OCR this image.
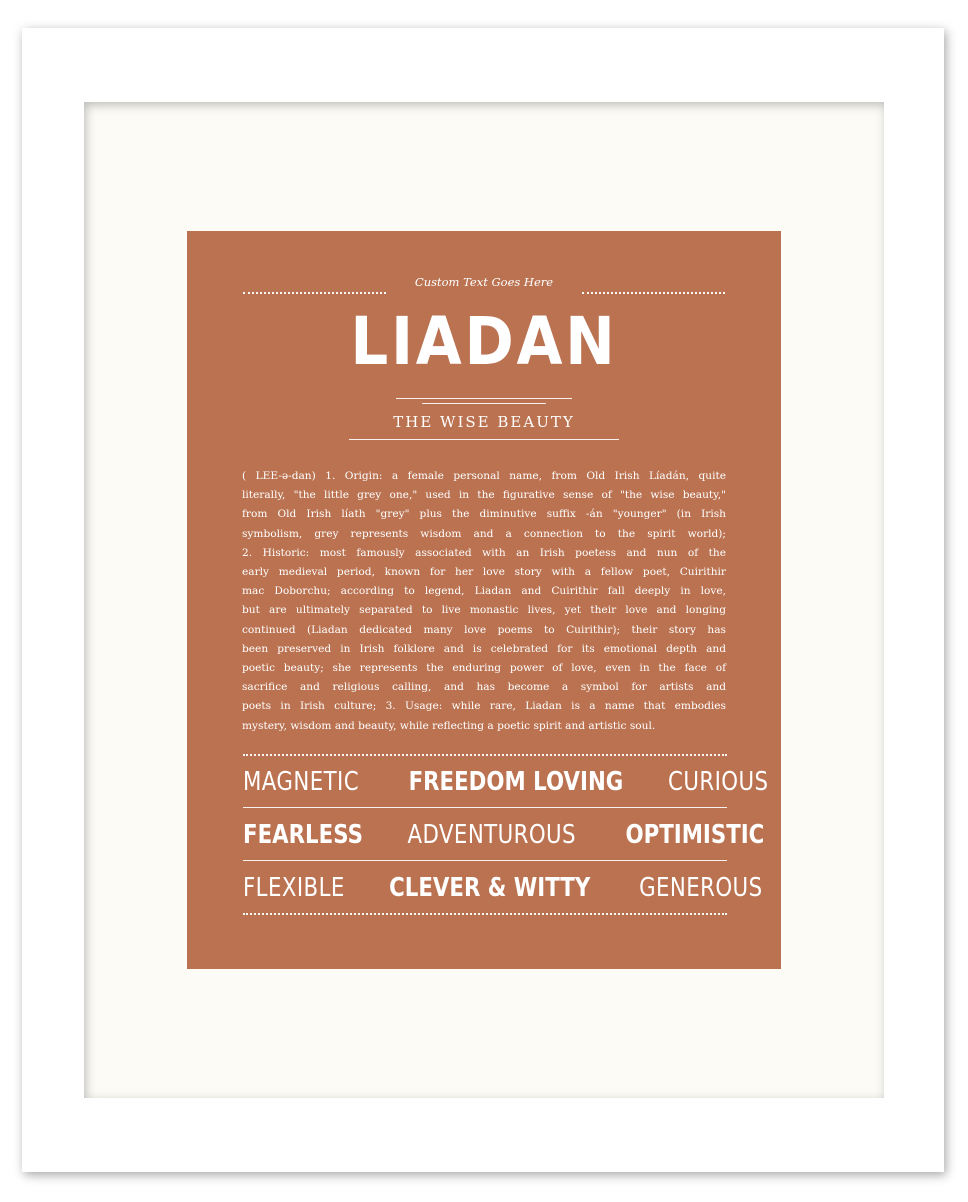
Custom Text Goes Here
LIADAN
THE WISE BEAUTY

( LEE-ə-dan) 1. Origin: a female personal name, from Old Irish Líadán, quite

literally, "the little grey one," used in the figurative sense of "the wise beauty,"

from Old Irish líath "grey" plus the diminutive suffix -án "younger" (in Irish

symbolism, grey represents wisdom and a connection to the spirit world);

2. Historic: most famously associated with an Irish poetess and nun of the

early medieval period, known for her love story with a fellow poet, Cuirithir

mac Doborchu; according to legend, Liadan and Cuirithir fall deeply in love,

but are ultimately separated to live monastic lives, yet their love and longing

continued (Liadan dedicated many love poems to Cuirithir); their story has

been preserved in Irish folklore and is celebrated for its emotional depth and

poetic beauty; she represents the enduring power of love, even in the face of

sacrifice and religious calling, and has become a symbol for artists and

poets in Irish culture; 3. Usage: while rare, Liadan is a name that embodies

mystery, wisdom and beauty, while reflecting a poetic spirit and artistic soul.

MAGNETIC FREEDOM LOVING CURIOUS
FEARLESS ADVENTUROUS OPTIMISTIC
FLEXIBLE CLEVER & WITTY GENEROUS
